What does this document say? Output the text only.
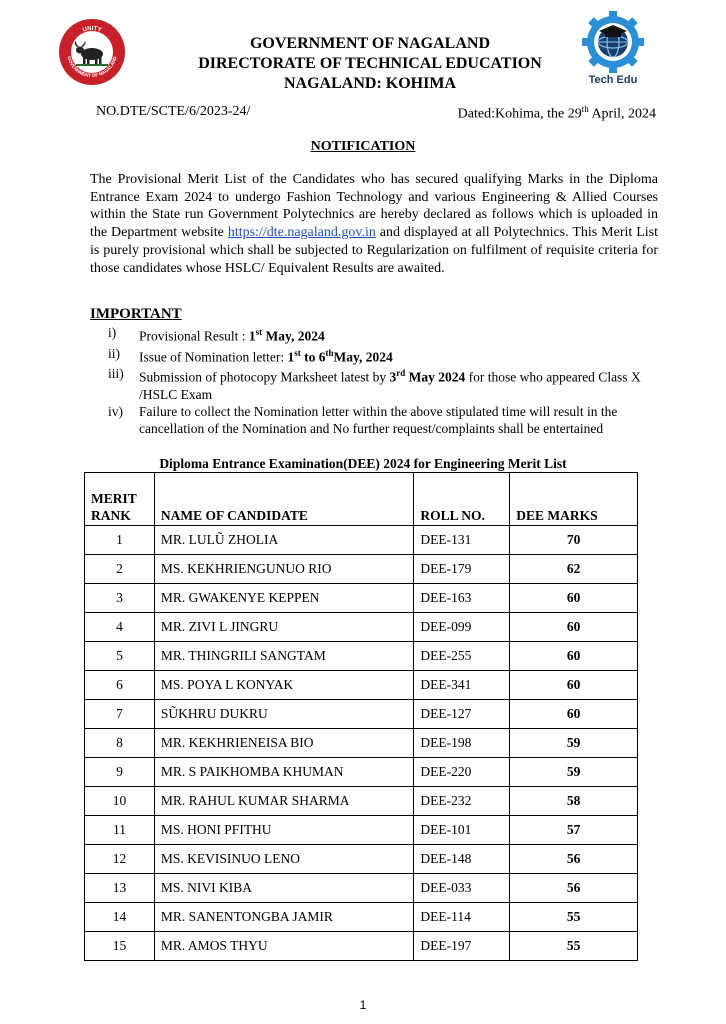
UNITY
GOVERNMENT OF NAGALAND
GOVERNMENT OF NAGALAND
DIRECTORATE OF TECHNICAL EDUCATION
NAGALAND: KOHIMA	Tech Edu
NO.DTE/SCTE/6/2023-24/	Dated:Kohima, the 29th April, 2024
NOTIFICATION
The Provisional Merit List of the Candidates who has secured qualifying Marks in the Diploma Entrance Exam 2024 to undergo Fashion Technology and various Engineering & Allied Courses within the State run Government Polytechnics are hereby declared as follows which is uploaded in the Department website https://dte.nagaland.gov.in and displayed at all Polytechnics. This Merit List is purely provisional which shall be subjected to Regularization on fulfilment of requisite criteria for those candidates whose HSLC/ Equivalent Results are awaited.
IMPORTANT
i) Provisional Result : 1st May, 2024
ii) Issue of Nomination letter: 1st to 6thMay, 2024
iii) Submission of photocopy Marksheet latest by 3rd May 2024 for those who appeared Class X /HSLC Exam
iv) Failure to collect the Nomination letter within the above stipulated time will result in the cancellation of the Nomination and No further request/complaints shall be entertained
Diploma Entrance Examination(DEE) 2024 for Engineering Merit List
MERIT
RANK	NAME OF CANDIDATE	ROLL NO.	DEE MARKS
1	MR. LULŨ ZHOLIA	DEE-131	70
2	MS. KEKHRIENGUNUO RIO	DEE-179	62
3	MR. GWAKENYE KEPPEN	DEE-163	60
4	MR. ZIVI L JINGRU	DEE-099	60
5	MR. THINGRILI SANGTAM	DEE-255	60
6	MS. POYA L KONYAK	DEE-341	60
7	SŨKHRU DUKRU	DEE-127	60
8	MR. KEKHRIENEISA BIO	DEE-198	59
9	MR. S PAIKHOMBA KHUMAN	DEE-220	59
10	MR. RAHUL KUMAR SHARMA	DEE-232	58
11	MS. HONI PFITHU	DEE-101	57
12	MS. KEVISINUO LENO	DEE-148	56
13	MS. NIVI KIBA	DEE-033	56
14	MR. SANENTONGBA JAMIR	DEE-114	55
15	MR. AMOS THYU	DEE-197	55
1
